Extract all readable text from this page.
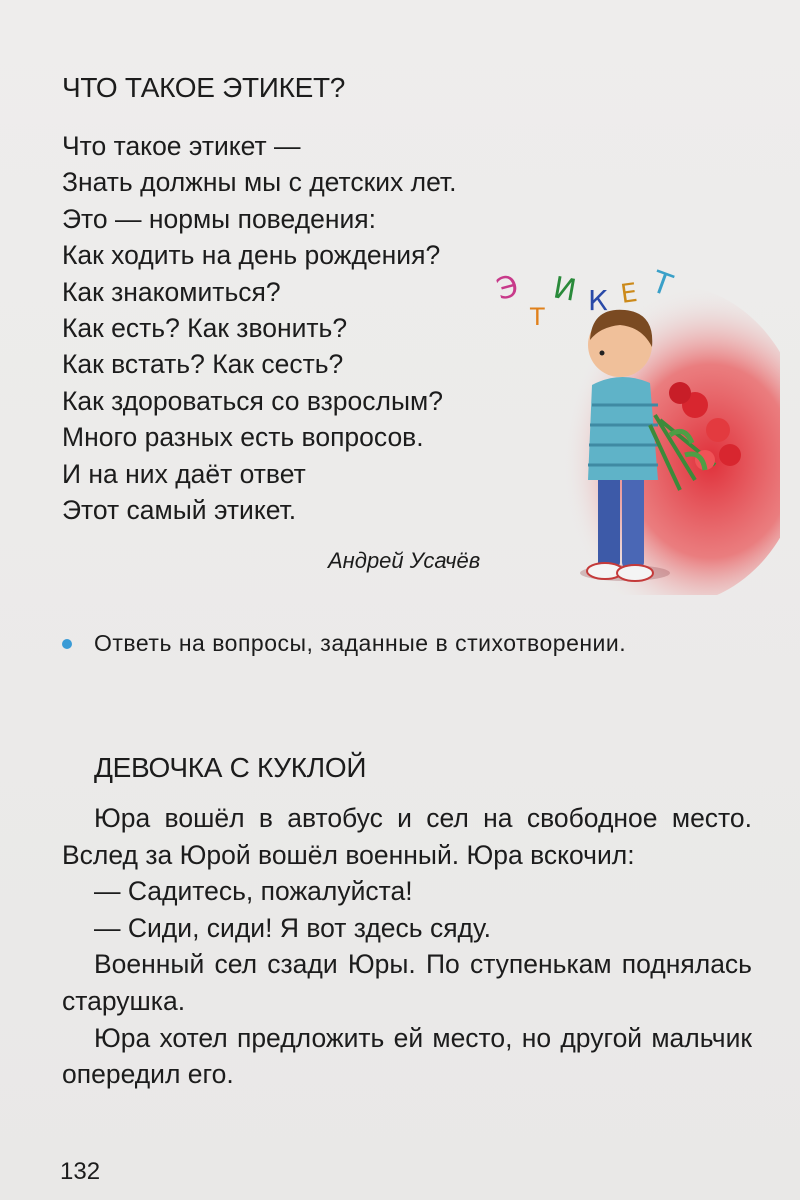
ЧТО ТАКОЕ ЭТИКЕТ?
Что такое этикет —
Знать должны мы с детских лет.
Это — нормы поведения:
Как ходить на день рождения?
Как знакомиться?
Как есть? Как звонить?
Как встать? Как сесть?
Как здороваться со взрослым?
Много разных есть вопросов.
И на них даёт ответ
Этот самый этикет.
Андрей Усачёв
Э
Т
И К Е Т
Ответь на вопросы, заданные в стихотворении.
ДЕВОЧКА С КУКЛОЙ

Юра вошёл в автобус и сел на свободное место. Вслед за Юрой вошёл военный. Юра вскочил:

— Садитесь, пожалуйста!

— Сиди, сиди! Я вот здесь сяду.

Военный сел сзади Юры. По ступенькам поднялась старушка.

Юра хотел предложить ей место, но другой мальчик опередил его.

132
